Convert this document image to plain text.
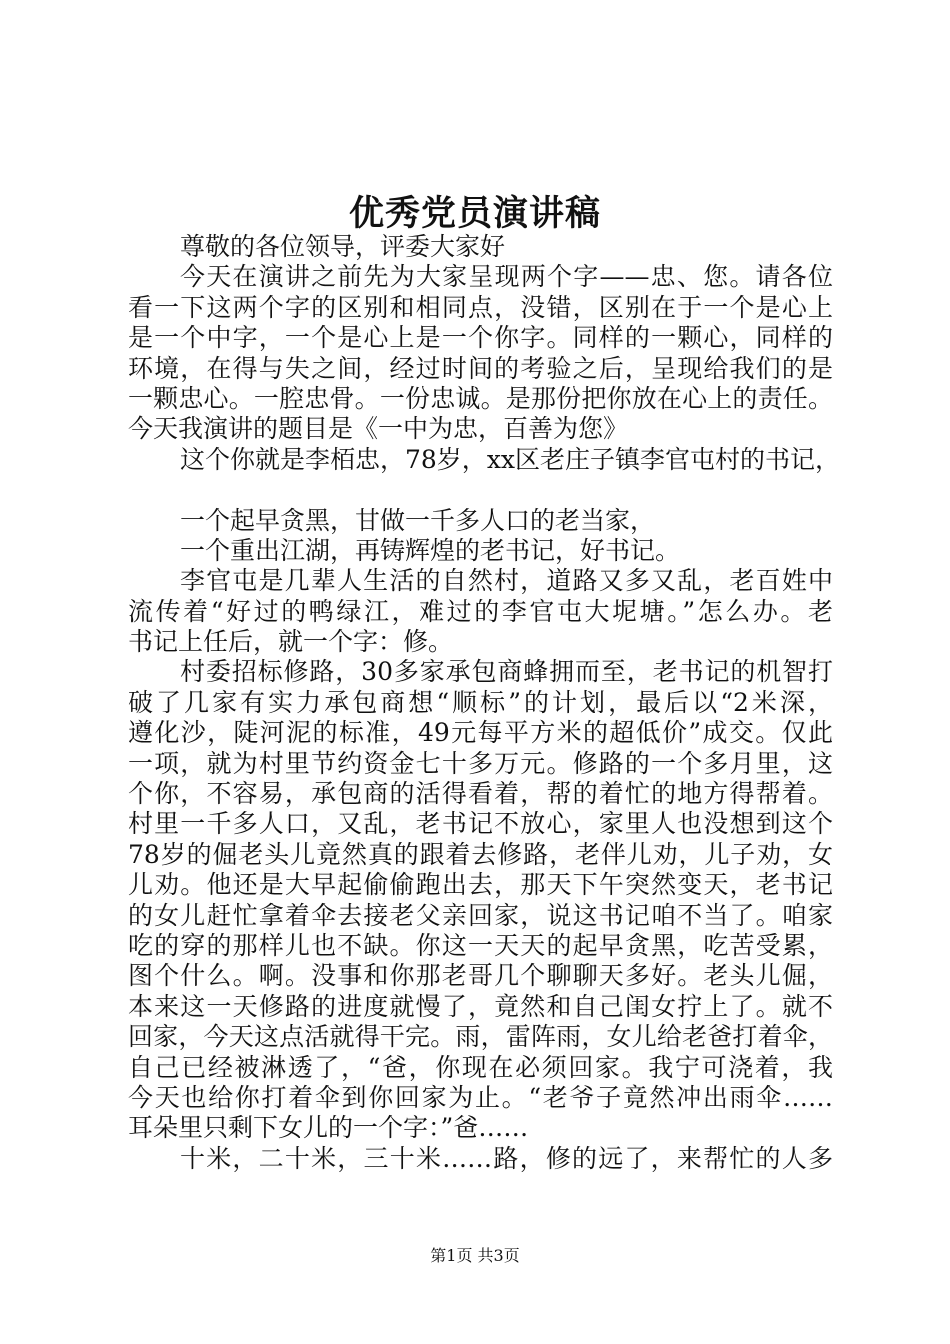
优秀党员演讲稿
尊敬的各位领导，评委大家好
今天在演讲之前先为大家呈现两个字——忠、您。请各位
看一下这两个字的区别和相同点，没错，区别在于一个是心上
是一个中字，一个是心上是一个你字。同样的一颗心，同样的
环境，在得与失之间，经过时间的考验之后，呈现给我们的是
一颗忠心。一腔忠骨。一份忠诚。是那份把你放在心上的责任。
今天我演讲的题目是《一中为忠，百善为您》
这个你就是李栢忠，78岁，xx区老庄子镇李官屯村的书记，
一个起早贪黑，甘做一千多人口的老当家，
一个重出江湖，再铸辉煌的老书记，好书记。
李官屯是几辈人生活的自然村，道路又多又乱，老百姓中
流传着“好过的鸭绿江，难过的李官屯大坭塘。”怎么办。老
书记上任后，就一个字：修。
村委招标修路，30多家承包商蜂拥而至，老书记的机智打
破了几家有实力承包商想“顺标”的计划，最后以“2米深，
遵化沙，陡河泥的标准，49元每平方米的超低价”成交。仅此
一项，就为村里节约资金七十多万元。修路的一个多月里，这
个你，不容易，承包商的活得看着，帮的着忙的地方得帮着。
村里一千多人口，又乱，老书记不放心，家里人也没想到这个
78岁的倔老头儿竟然真的跟着去修路，老伴儿劝，儿子劝，女
儿劝。他还是大早起偷偷跑出去，那天下午突然变天，老书记
的女儿赶忙拿着伞去接老父亲回家，说这书记咱不当了。咱家
吃的穿的那样儿也不缺。你这一天天的起早贪黑，吃苦受累，
图个什么。啊。没事和你那老哥几个聊聊天多好。老头儿倔，
本来这一天修路的进度就慢了，竟然和自己闺女拧上了。就不
回家，今天这点活就得干完。雨，雷阵雨，女儿给老爸打着伞，
自己已经被淋透了，“爸，你现在必须回家。我宁可浇着，我
今天也给你打着伞到你回家为止。“老爷子竟然冲出雨伞……
耳朵里只剩下女儿的一个字：”爸……
十米，二十米，三十米……路，修的远了，来帮忙的人多
第1页 共3页
